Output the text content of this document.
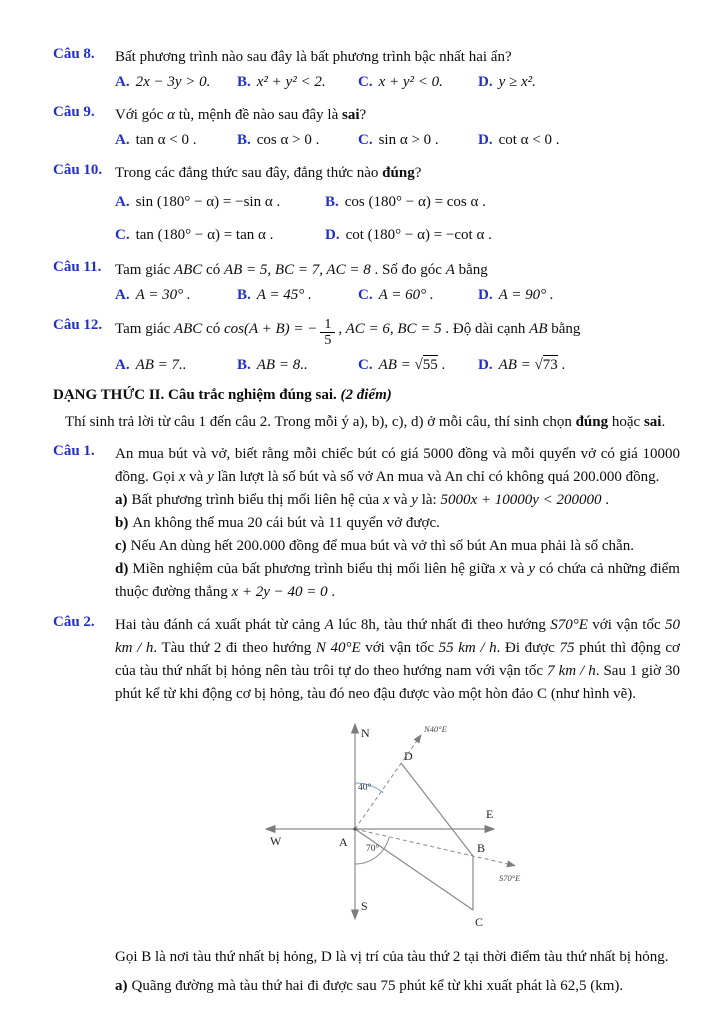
Câu 8.	Bất phương trình nào sau đây là bất phương trình bậc nhất hai ẩn?
A. 2x − 3y > 0.	B. x² + y² < 2.	C. x + y² < 0.	D. y ≥ x².
Câu 9.	Với góc α tù, mệnh đề nào sau đây là sai?
A. tan α < 0 .	B. cos α > 0 .	C. sin α > 0 .	D. cot α < 0 .
Câu 10. Trong các đẳng thức sau đây, đẳng thức nào đúng?
A. sin (180° − α) = −sin α .	B. cos (180° − α) = cos α .
C. tan (180° − α) = tan α .	D. cot (180° − α) = −cot α .
Câu 11. Tam giác ABC có AB = 5, BC = 7, AC = 8 . Số đo góc A bằng
A. A = 30° .	B. A = 45° .	C. A = 60° .	D. A = 90° .
Câu 12. Tam giác ABC có cos(A + B) = − $\frac{1}{5}$ , AC = 6, BC = 5 . Độ dài cạnh AB bằng
A. AB = 7..	B. AB = 8..	C. AB = √55 .	D. AB = √73 .
DẠNG THỨC II. Câu trắc nghiệm đúng sai. (2 điểm)
Thí sinh trả lời từ câu 1 đến câu 2. Trong mỗi ý a), b), c), d) ở mỗi câu, thí sinh chọn đúng hoặc sai.
Câu 1.	An mua bút và vở, biết rằng mỗi chiếc bút có giá 5000 đồng và mỗi quyển vở có giá 10000 đồng. Gọi x và y lần lượt là số bút và số vở An mua và An chỉ có không quá 200.000 đồng.
a) Bất phương trình biểu thị mối liên hệ của x và y là: 5000x + 10000y < 200000 .
b) An không thể mua 20 cái bút và 11 quyển vở được.
c) Nếu An dùng hết 200.000 đồng để mua bút và vở thì số bút An mua phải là số chẵn.
d) Miền nghiệm của bất phương trình biểu thị mối liên hệ giữa x và y có chứa cả những điểm thuộc đường thẳng x + 2y − 40 = 0 .
Câu 2.	Hai tàu đánh cá xuất phát từ cảng A lúc 8h, tàu thứ nhất đi theo hướng S70°E với vận tốc 50 km / h. Tàu thứ 2 đi theo hướng N 40°E với vận tốc 55 km / h. Đi được 75 phút thì động cơ của tàu thứ nhất bị hỏng nên tàu trôi tự do theo hướng nam với vận tốc 7 km / h. Sau 1 giờ 30 phút kể từ khi động cơ bị hỏng, tàu đó neo đậu được vào một hòn đảo C (như hình vẽ).
N
S
E
W	A	B
C
D
40°
70°
N40°E
S70°E
Gọi B là nơi tàu thứ nhất bị hỏng, D là vị trí của tàu thứ 2 tại thời điểm tàu thứ nhất bị hỏng.
a) Quãng đường mà tàu thứ hai đi được sau 75 phút kể từ khi xuất phát là 62,5 (km).
